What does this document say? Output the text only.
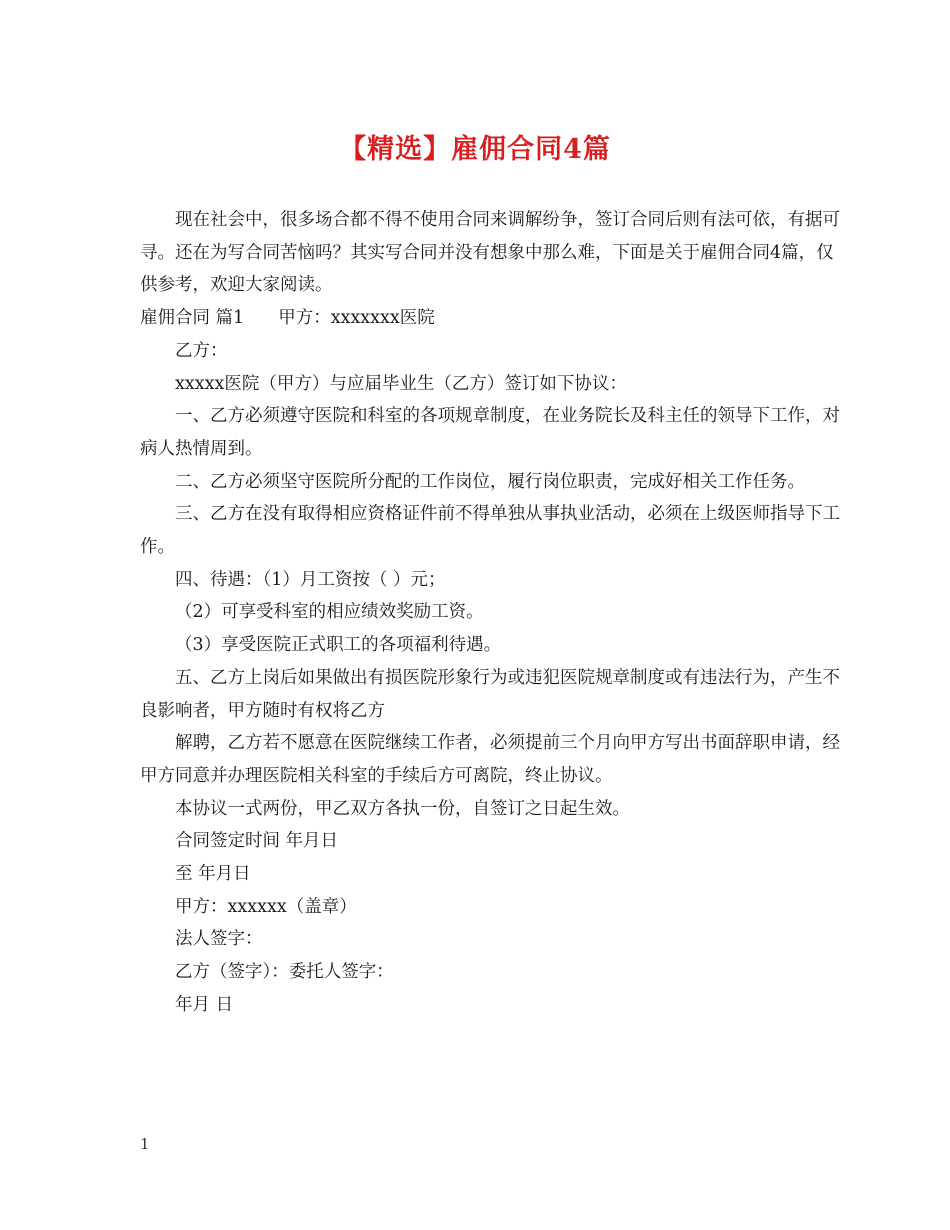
【精选】雇佣合同4篇

现在社会中，很多场合都不得不使用合同来调解纷争，签订合同后则有法可依，有据可寻。还在为写合同苦恼吗？其实写合同并没有想象中那么难，下面是关于雇佣合同4篇，仅供参考，欢迎大家阅读。

雇佣合同 篇1 甲方：xxxxxxx医院

乙方：

xxxxx医院（甲方）与应届毕业生（乙方）签订如下协议：

一、乙方必须遵守医院和科室的各项规章制度，在业务院长及科主任的领导下工作，对病人热情周到。

二、乙方必须坚守医院所分配的工作岗位，履行岗位职责，完成好相关工作任务。

三、乙方在没有取得相应资格证件前不得单独从事执业活动，必须在上级医师指导下工作。

四、待遇：（1）月工资按（ ）元；

（2）可享受科室的相应绩效奖励工资。

（3）享受医院正式职工的各项福利待遇。

五、乙方上岗后如果做出有损医院形象行为或违犯医院规章制度或有违法行为，产生不良影响者，甲方随时有权将乙方

解聘，乙方若不愿意在医院继续工作者，必须提前三个月向甲方写出书面辞职申请，经甲方同意并办理医院相关科室的手续后方可离院，终止协议。

本协议一式两份，甲乙双方各执一份，自签订之日起生效。

合同签定时间 年月日

至 年月日

甲方：xxxxxx（盖章）

法人签字：

乙方（签字）：委托人签字：

年月 日

1
